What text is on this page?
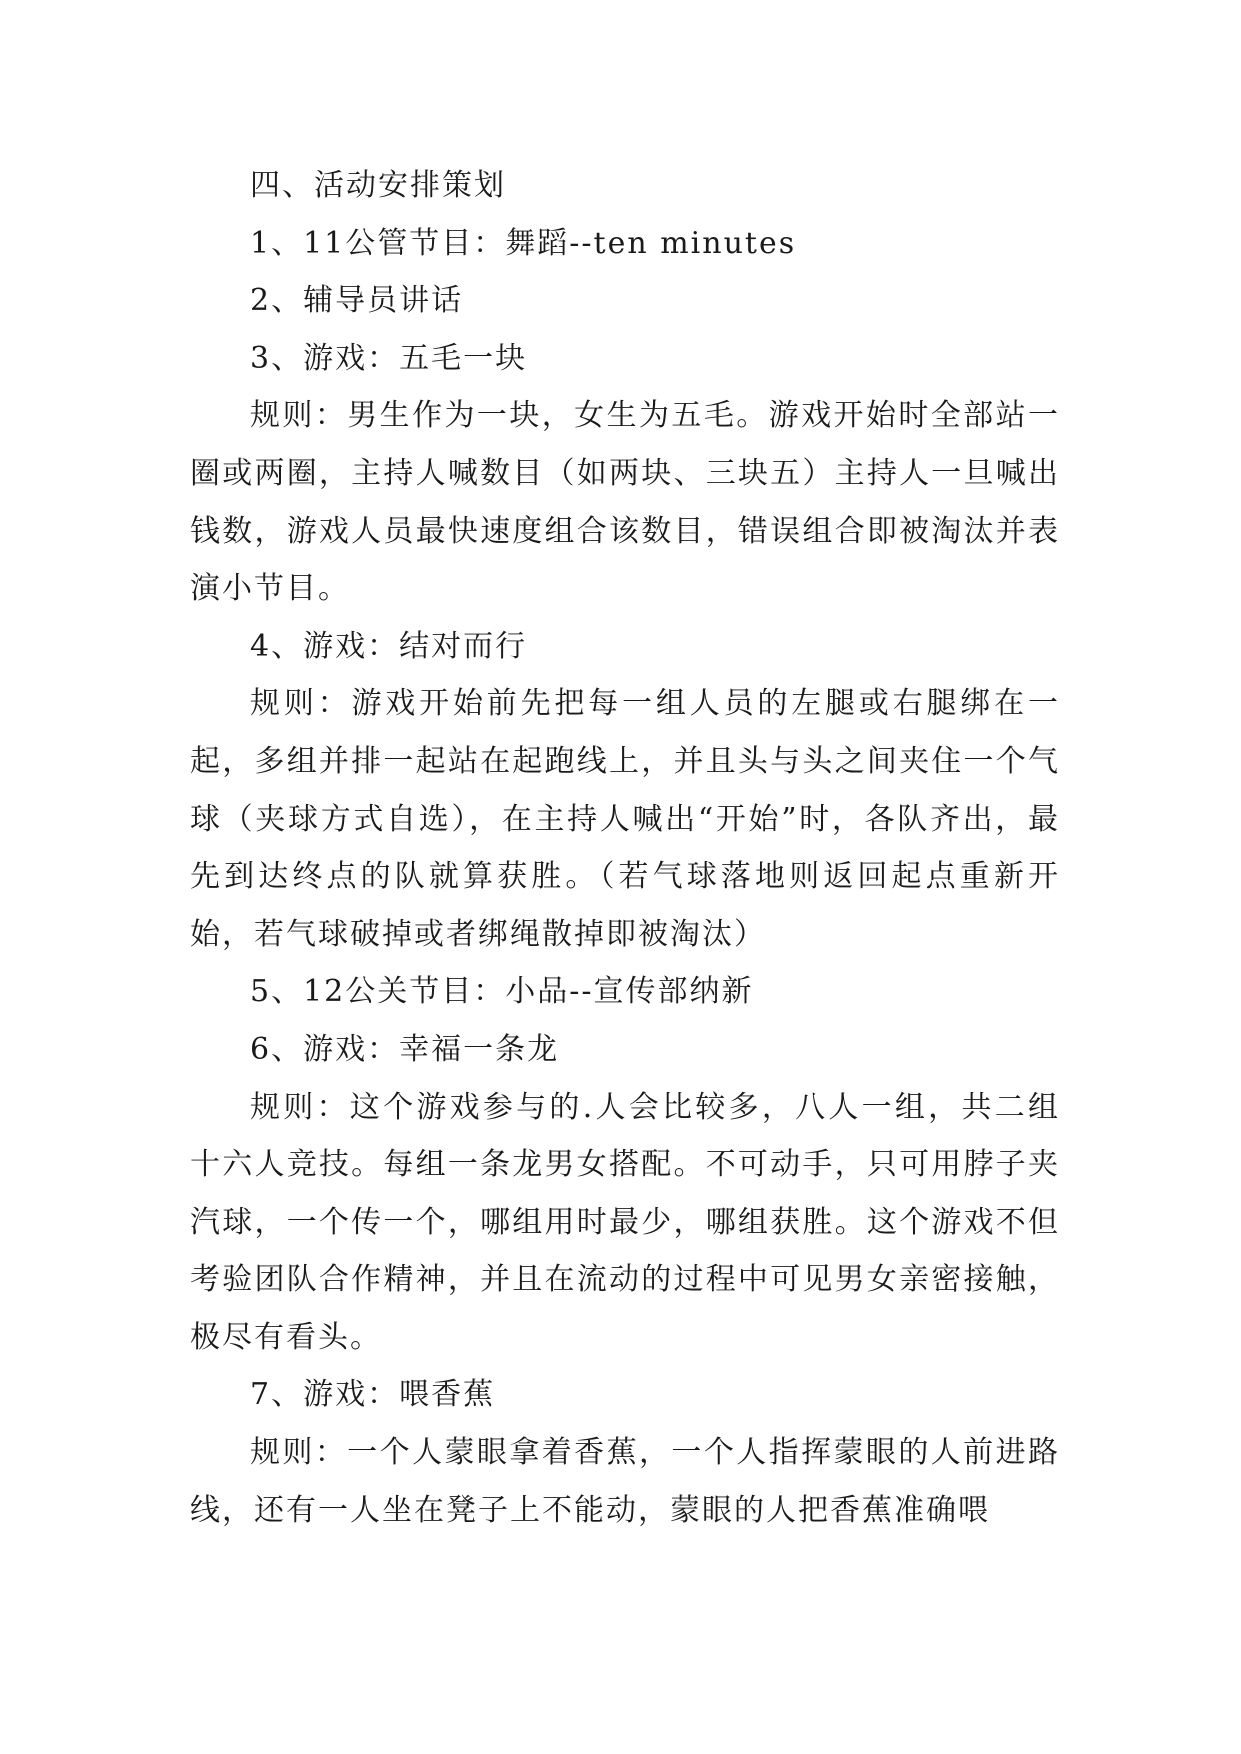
四、活动安排策划

1、11公管节目：舞蹈--ten minutes

2、辅导员讲话

3、游戏：五毛一块

规则：男生作为一块，女生为五毛。游戏开始时全部站一圈或两圈，主持人喊数目（如两块、三块五）主持人一旦喊出钱数，游戏人员最快速度组合该数目，错误组合即被淘汰并表演小节目。

4、游戏：结对而行

规则：游戏开始前先把每一组人员的左腿或右腿绑在一起，多组并排一起站在起跑线上，并且头与头之间夹住一个气球（夹球方式自选），在主持人喊出“开始”时，各队齐出，最先到达终点的队就算获胜。（若气球落地则返回起点重新开始，若气球破掉或者绑绳散掉即被淘汰）

5、12公关节目：小品--宣传部纳新

6、游戏：幸福一条龙

规则：这个游戏参与的.人会比较多，八人一组，共二组十六人竞技。每组一条龙男女搭配。不可动手，只可用脖子夹汽球，一个传一个，哪组用时最少，哪组获胜。这个游戏不但考验团队合作精神，并且在流动的过程中可见男女亲密接触，极尽有看头。

7、游戏：喂香蕉

规则：一个人蒙眼拿着香蕉，一个人指挥蒙眼的人前进路线，还有一人坐在凳子上不能动，蒙眼的人把香蕉准确喂
